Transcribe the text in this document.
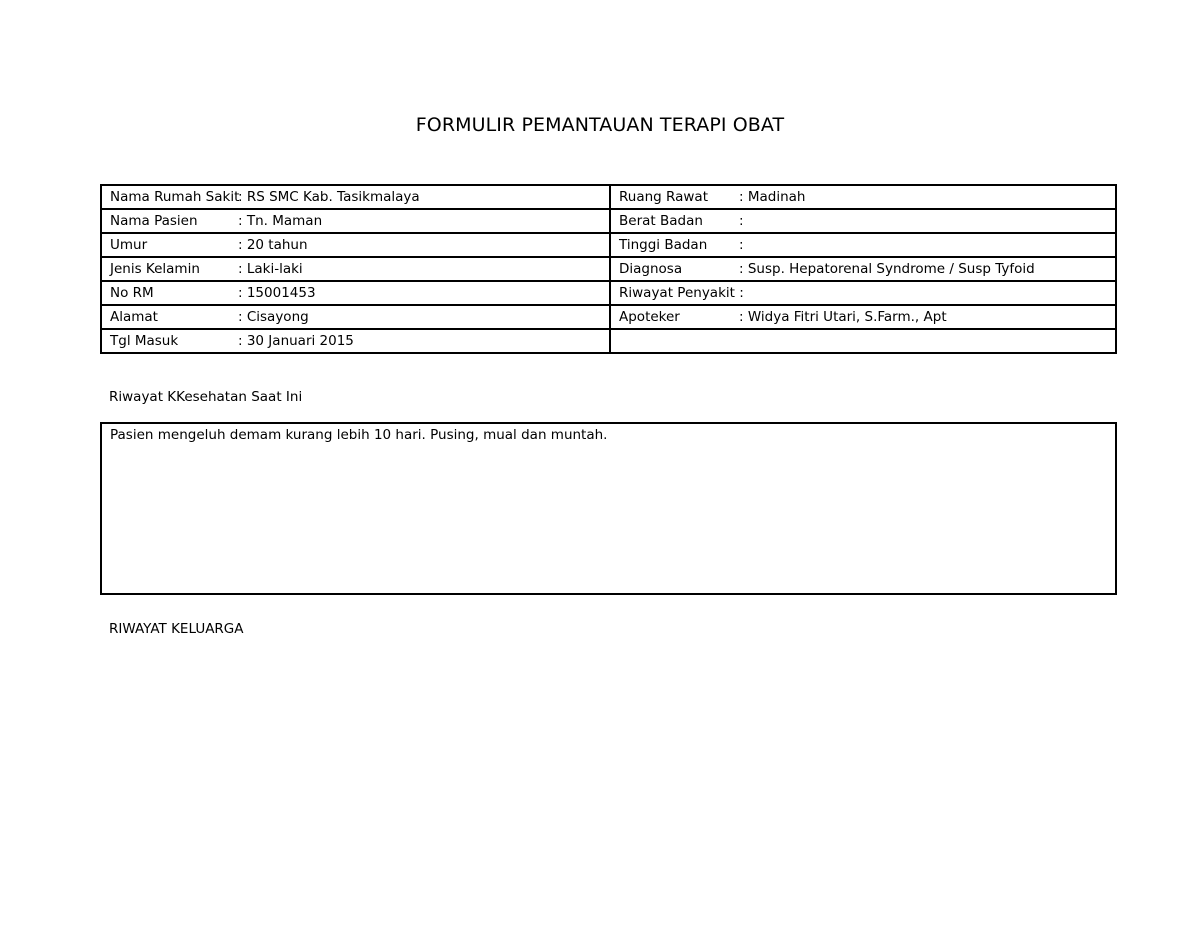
FORMULIR PEMANTAUAN TERAPI OBAT
Nama Rumah Sakit: RS SMC Kab. Tasikmalaya	Ruang Rawat : Madinah
Nama Pasien : Tn. Maman	Berat Badan :
Umur : 20 tahun	Tinggi Badan :
Jenis Kelamin : Laki-laki	Diagnosa : Susp. Hepatorenal Syndrome / Susp Tyfoid
No RM : 15001453	Riwayat Penyakit :
Alamat : Cisayong	Apoteker : Widya Fitri Utari, S.Farm., Apt
Tgl Masuk : 30 Januari 2015	
Riwayat KKesehatan Saat Ini
Pasien mengeluh demam kurang lebih 10 hari. Pusing, mual dan muntah.
RIWAYAT KELUARGA
